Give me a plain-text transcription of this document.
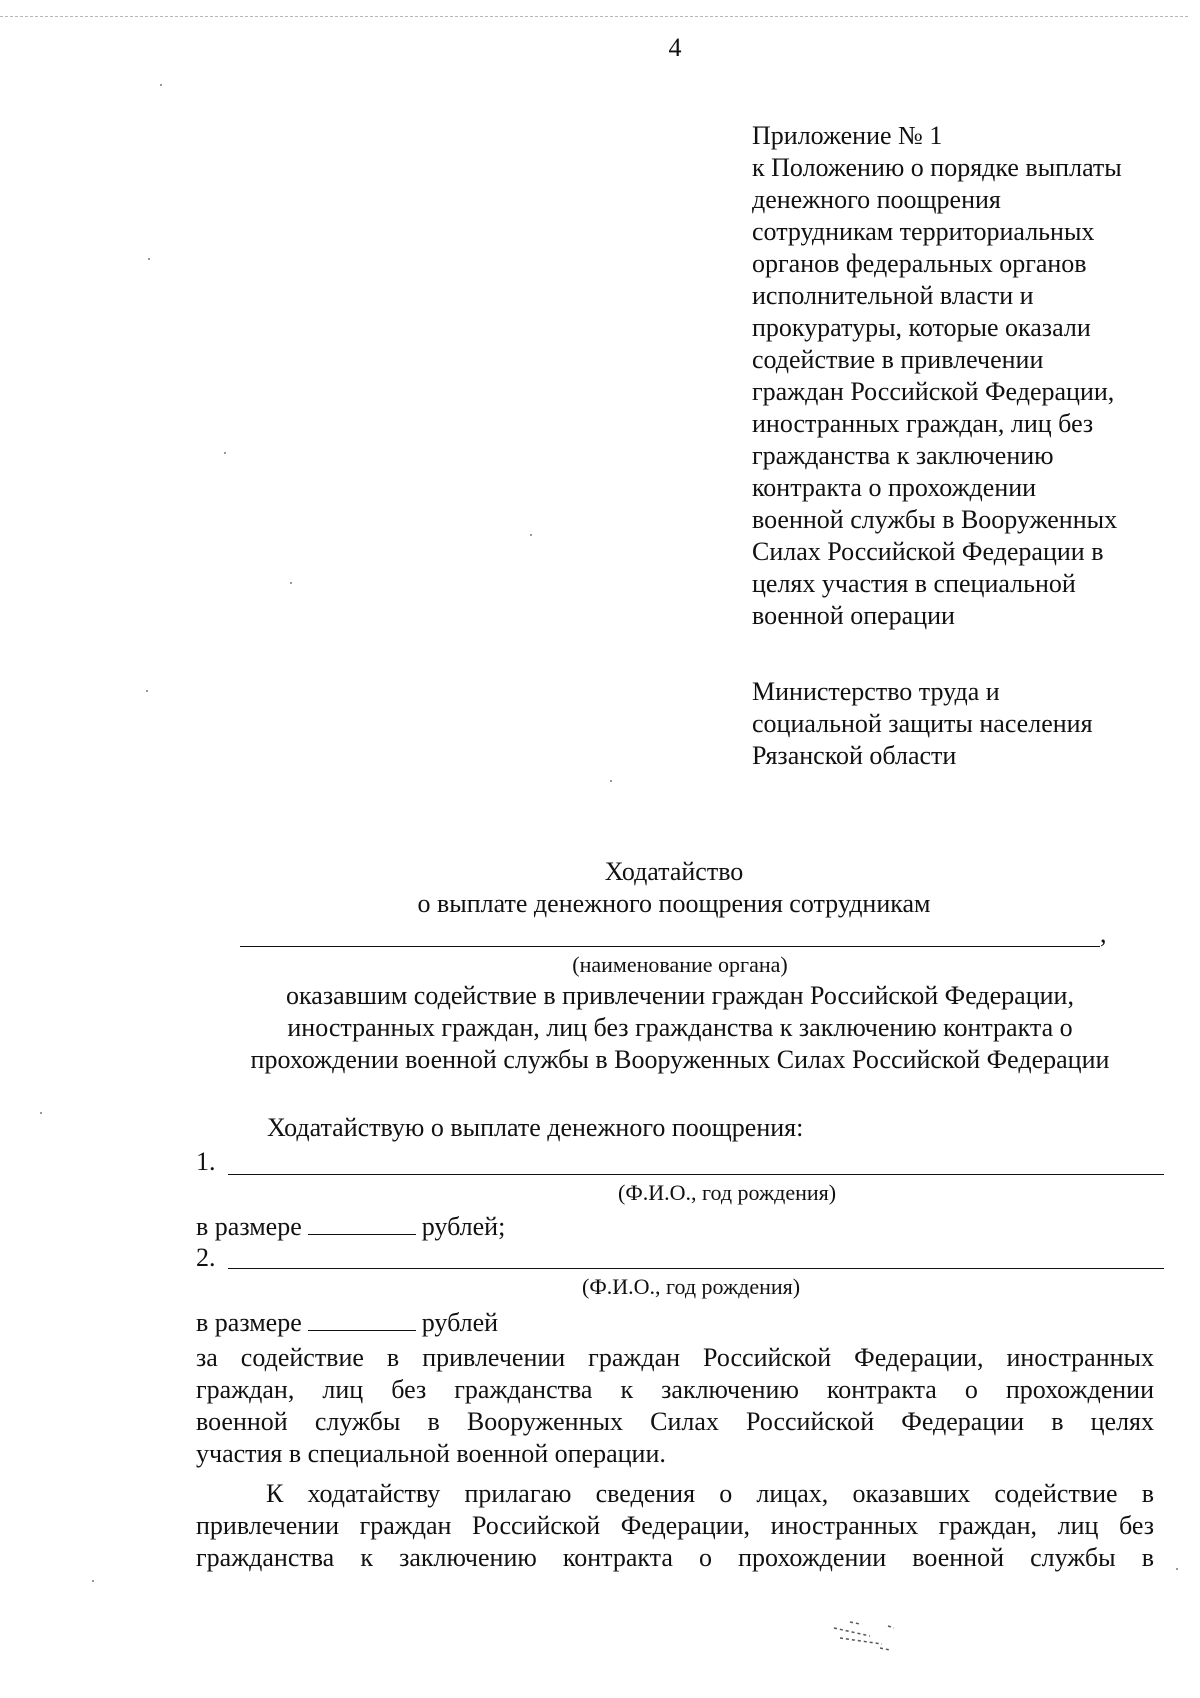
4
Приложение № 1
к Положению о порядке выплаты
денежного поощрения
сотрудникам территориальных
органов федеральных органов
исполнительной власти и
прокуратуры, которые оказали
содействие в привлечении
граждан Российской Федерации,
иностранных граждан, лиц без
гражданства к заключению
контракта о прохождении
военной службы в Вооруженных
Силах Российской Федерации в
целях участия в специальной
военной операции
Министерство труда и
социальной защиты населения
Рязанской области
Ходатайство
о выплате денежного поощрения сотрудникам
,
(наименование органа)
оказавшим содействие в привлечении граждан Российской Федерации,
иностранных граждан, лиц без гражданства к заключению контракта о
прохождении военной службы в Вооруженных Силах Российской Федерации
Ходатайствую о выплате денежного поощрения:
1.
(Ф.И.О., год рождения)
в размере	рублей;
2.
(Ф.И.О., год рождения)
в размере	рублей
за содействие в привлечении граждан Российской Федерации, иностранных
граждан, лиц без гражданства к заключению контракта о прохождении
военной службы в Вооруженных Силах Российской Федерации в целях
участия в специальной военной операции.
К ходатайству прилагаю сведения о лицах, оказавших содействие в
привлечении граждан Российской Федерации, иностранных граждан, лиц без
гражданства к заключению контракта о прохождении военной службы в
